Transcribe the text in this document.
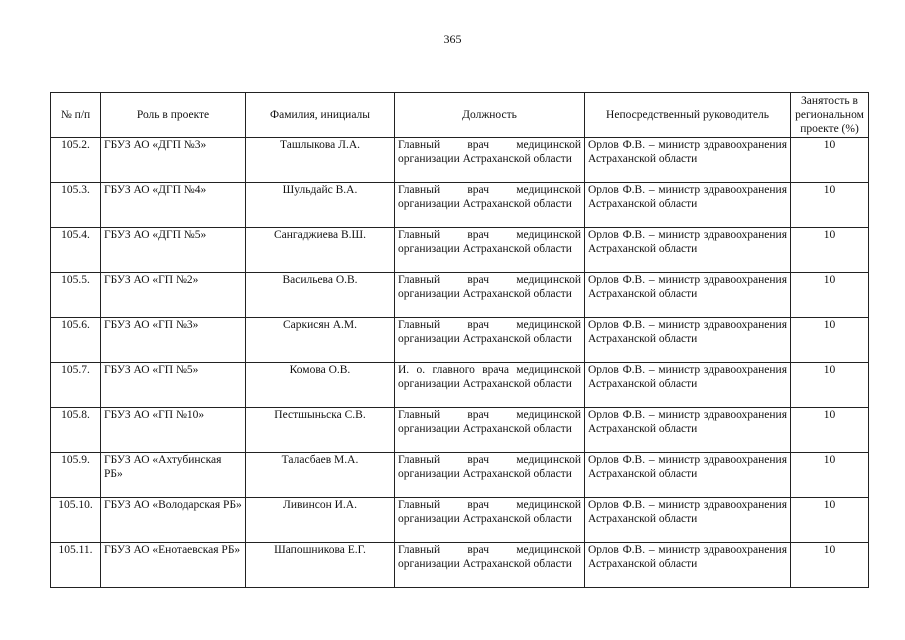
365
№ п/п	Роль в проекте	Фамилия, инициалы	Должность	Непосредственный руководитель	Занятость в региональном проекте (%)
105.2.	ГБУЗ АО «ДГП №3»	Ташлыкова Л.А.	Главный врач медицинской организации Астраханской области	Орлов Ф.В. – министр здравоохранения Астраханской области	10
105.3.	ГБУЗ АО «ДГП №4»	Шульдайс В.А.	Главный врач медицинской организации Астраханской области	Орлов Ф.В. – министр здравоохранения Астраханской области	10
105.4.	ГБУЗ АО «ДГП №5»	Сангаджиева В.Ш.	Главный врач медицинской организации Астраханской области	Орлов Ф.В. – министр здравоохранения Астраханской области	10
105.5.	ГБУЗ АО «ГП №2»	Васильева О.В.	Главный врач медицинской организации Астраханской области	Орлов Ф.В. – министр здравоохранения Астраханской области	10
105.6.	ГБУЗ АО «ГП №3»	Саркисян А.М.	Главный врач медицинской организации Астраханской области	Орлов Ф.В. – министр здравоохранения Астраханской области	10
105.7.	ГБУЗ АО «ГП №5»	Комова О.В.	И. о. главного врача медицинской организации Астраханской области	Орлов Ф.В. – министр здравоохранения Астраханской области	10
105.8.	ГБУЗ АО «ГП №10»	Пестшыньска С.В.	Главный врач медицинской организации Астраханской области	Орлов Ф.В. – министр здравоохранения Астраханской области	10
105.9.	ГБУЗ АО «Ахтубинская РБ»	Таласбаев М.А.	Главный врач медицинской организации Астраханской области	Орлов Ф.В. – министр здравоохранения Астраханской области	10
105.10.	ГБУЗ АО «Володарская РБ»	Ливинсон И.А.	Главный врач медицинской организации Астраханской области	Орлов Ф.В. – министр здравоохранения Астраханской области	10
105.11.	ГБУЗ АО «Енотаевская РБ»	Шапошникова Е.Г.	Главный врач медицинской организации Астраханской области	Орлов Ф.В. – министр здравоохранения Астраханской области	10
